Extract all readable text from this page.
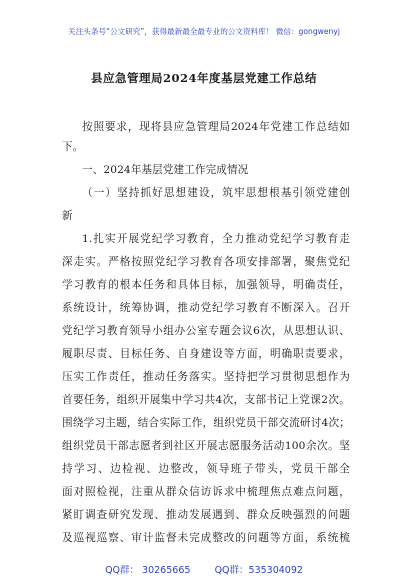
关注头条号“公文研究”，获得最新最全最专业的公文资料库！ 微信：gongwenyj
县应急管理局2024年度基层党建工作总结
按照要求，现将县应急管理局2024年党建工作总结如
下。
一、2024年基层党建工作完成情况
（一）坚持抓好思想建设，筑牢思想根基引领党建创
新
1.扎实开展党纪学习教育，全力推动党纪学习教育走
深走实。严格按照党纪学习教育各项安排部署，聚焦党纪
学习教育的根本任务和具体目标，加强领导，明确责任，
系统设计，统筹协调，推动党纪学习教育不断深入。召开
党纪学习教育领导小组办公室专题会议6次，从思想认识、
履职尽责、目标任务、自身建设等方面，明确职责要求，
压实工作责任，推动任务落实。坚持把学习贯彻思想作为
首要任务，组织开展集中学习共4次，支部书记上党课2次。
围绕学习主题，结合实际工作，组织党员干部交流研讨4次；
组织党员干部志愿者到社区开展志愿服务活动100余次。坚
持学习、边检视、边整改，领导班子带头，党员干部全
面对照检视，注重从群众信访诉求中梳理焦点难点问题，
紧盯调查研究发现、推动发展遇到、群众反映强烈的问题
及巡视巡察、审计监督未完成整改的问题等方面，系统梳
QQ群： 30265665        QQ群：535304092
